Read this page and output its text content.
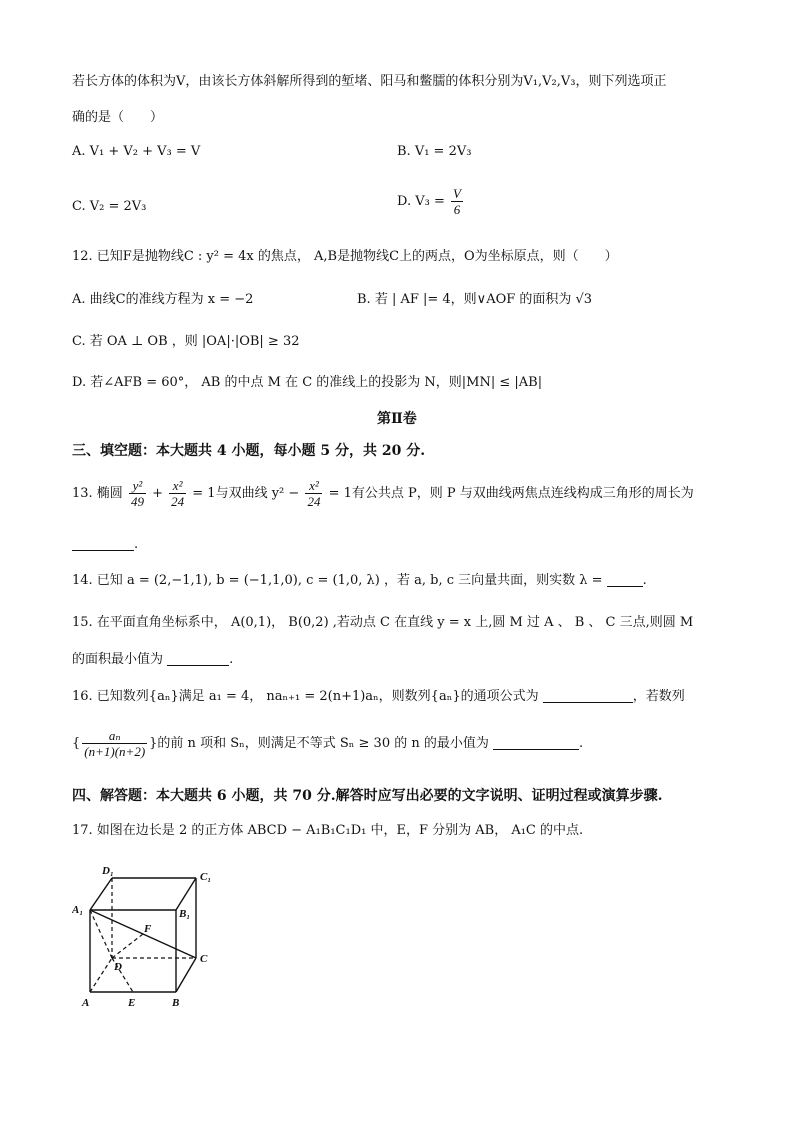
若长方体的体积为V，由该长方体斜解所得到的堑堵、阳马和鳖臑的体积分别为V₁,V₂,V₃，则下列选项正
确的是（　　）
A. V₁ + V₂ + V₃ = V	B. V₁ = 2V₃
C. V₂ = 2V₃	D. $V_3 = \frac{V}{6}$
12. 已知F是抛物线C : y² = 4x 的焦点， A,B是抛物线C上的两点，O为坐标原点，则（　　）
A. 曲线C的准线方程为 x = −2	B. 若 | AF |= 4，则∨AOF 的面积为 √3
C. 若 OA ⊥ OB ，则 |OA|·|OB| ≥ 32
D. 若∠AFB = 60°， AB 的中点 M 在 C 的准线上的投影为 N，则|MN| ≤ |AB|
第Ⅱ卷
三、填空题：本大题共 4 小题，每小题 5 分，共 20 分.
13. 椭圆 $\frac{\text{y²}}{49} + \frac{\text{x²}}{24} = 1$与双曲线 $y^2 - \frac{\text{x²}}{24} = 1$有公共点 P，则 P 与双曲线两焦点连线构成三角形的周长为
.
14. 已知 a = (2,−1,1), b = (−1,1,0), c = (1,0, λ) ，若 a, b, c 三向量共面，则实数 λ =	.
15. 在平面直角坐标系中， A(0,1)， B(0,2) ,若动点 C 在直线 y = x 上,圆 M 过 A 、 B 、 C 三点,则圆 M
的面积最小值为	.
16. 已知数列{aₙ}满足 a₁ = 4， naₙ₊₁ = 2(n+1)aₙ，则数列{aₙ}的通项公式为	，若数列
{ $\frac{\text{aₙ}}{(n+1)(n+2)}$ }的前 n 项和 Sₙ，则满足不等式 Sₙ ≥ 30 的 n 的最小值为	.
四、解答题：本大题共 6 小题，共 70 分.解答时应写出必要的文字说明、证明过程或演算步骤.
17. 如图在边长是 2 的正方体 ABCD − A₁B₁C₁D₁ 中，E，F 分别为 AB， A₁C 的中点.
D₁	C₁
A₁	B₁
F
D
C
A	E	B
